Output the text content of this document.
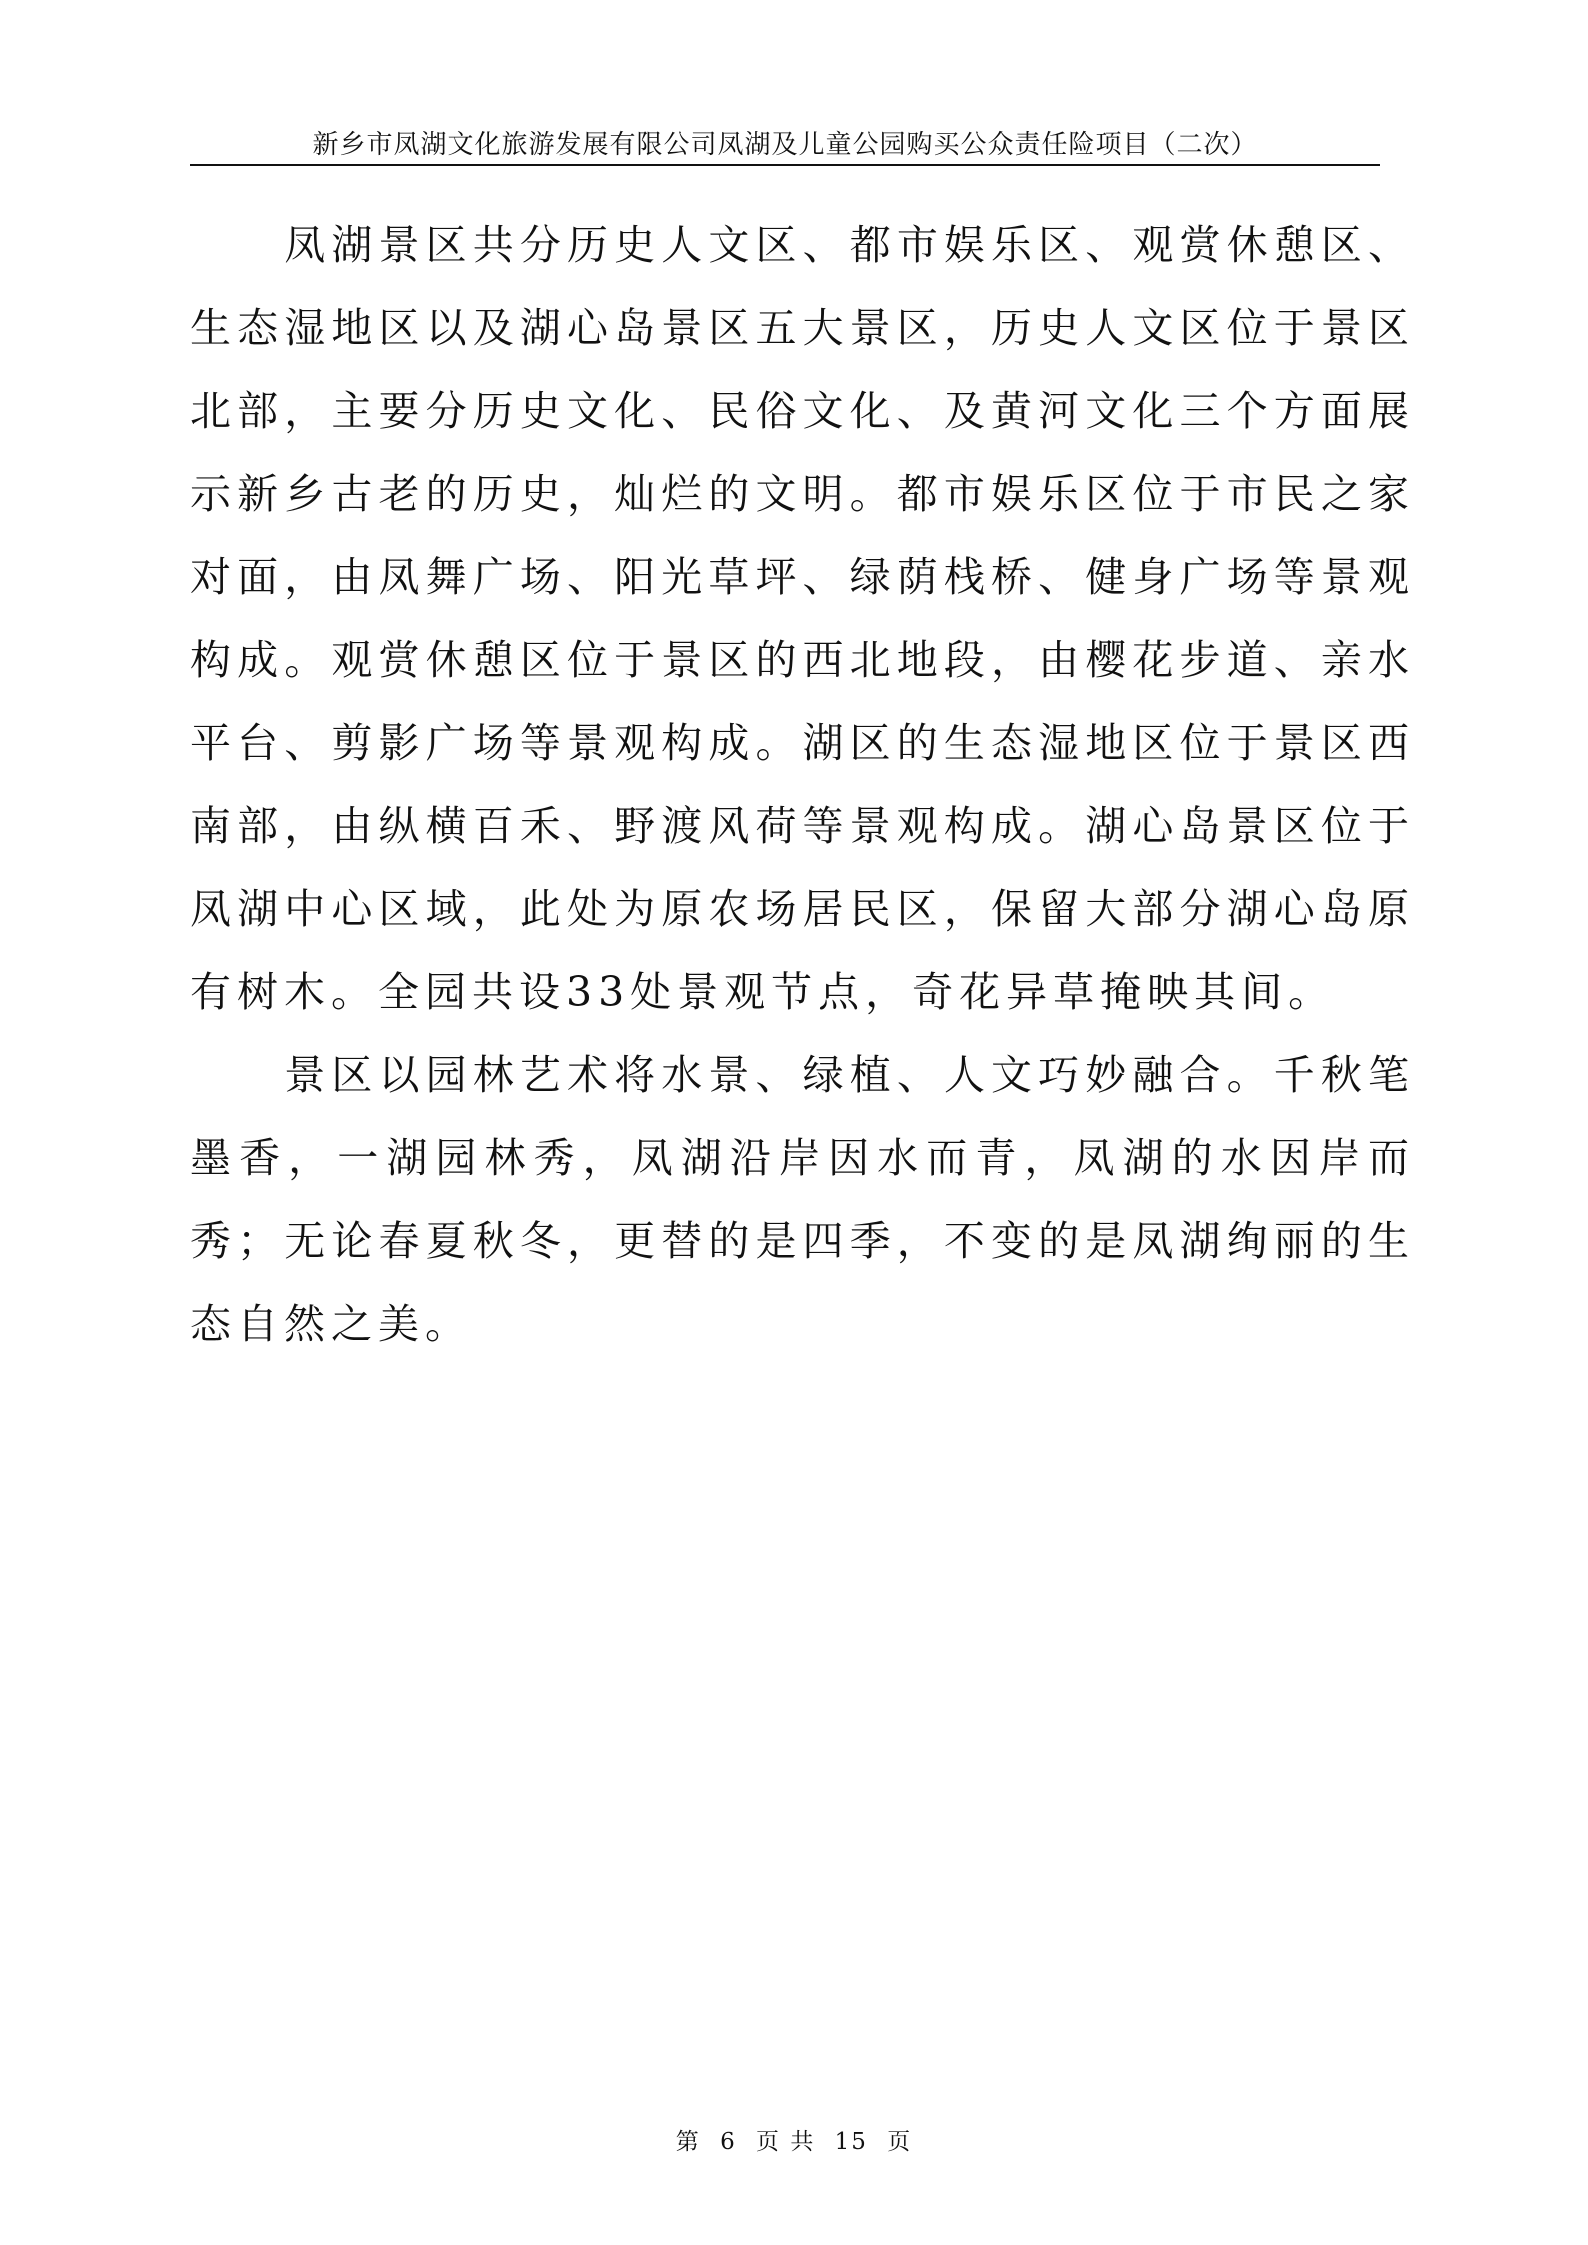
新乡市凤湖文化旅游发展有限公司凤湖及儿童公园购买公众责任险项目（二次）

凤湖景区共分历史人文区、都市娱乐区、观赏休憩区、生态湿地区以及湖心岛景区五大景区，历史人文区位于景区北部，主要分历史文化、民俗文化、及黄河文化三个方面展示新乡古老的历史，灿烂的文明。都市娱乐区位于市民之家对面，由凤舞广场、阳光草坪、绿荫栈桥、健身广场等景观构成。观赏休憩区位于景区的西北地段，由樱花步道、亲水平台、剪影广场等景观构成。湖区的生态湿地区位于景区西南部，由纵横百禾、野渡风荷等景观构成。湖心岛景区位于凤湖中心区域，此处为原农场居民区，保留大部分湖心岛原有树木。全园共设33处景观节点，奇花异草掩映其间。

景区以园林艺术将水景、绿植、人文巧妙融合。千秋笔墨香，一湖园林秀，凤湖沿岸因水而青，凤湖的水因岸而秀；无论春夏秋冬，更替的是四季，不变的是凤湖绚丽的生态自然之美。

第 6 页 共 15 页
